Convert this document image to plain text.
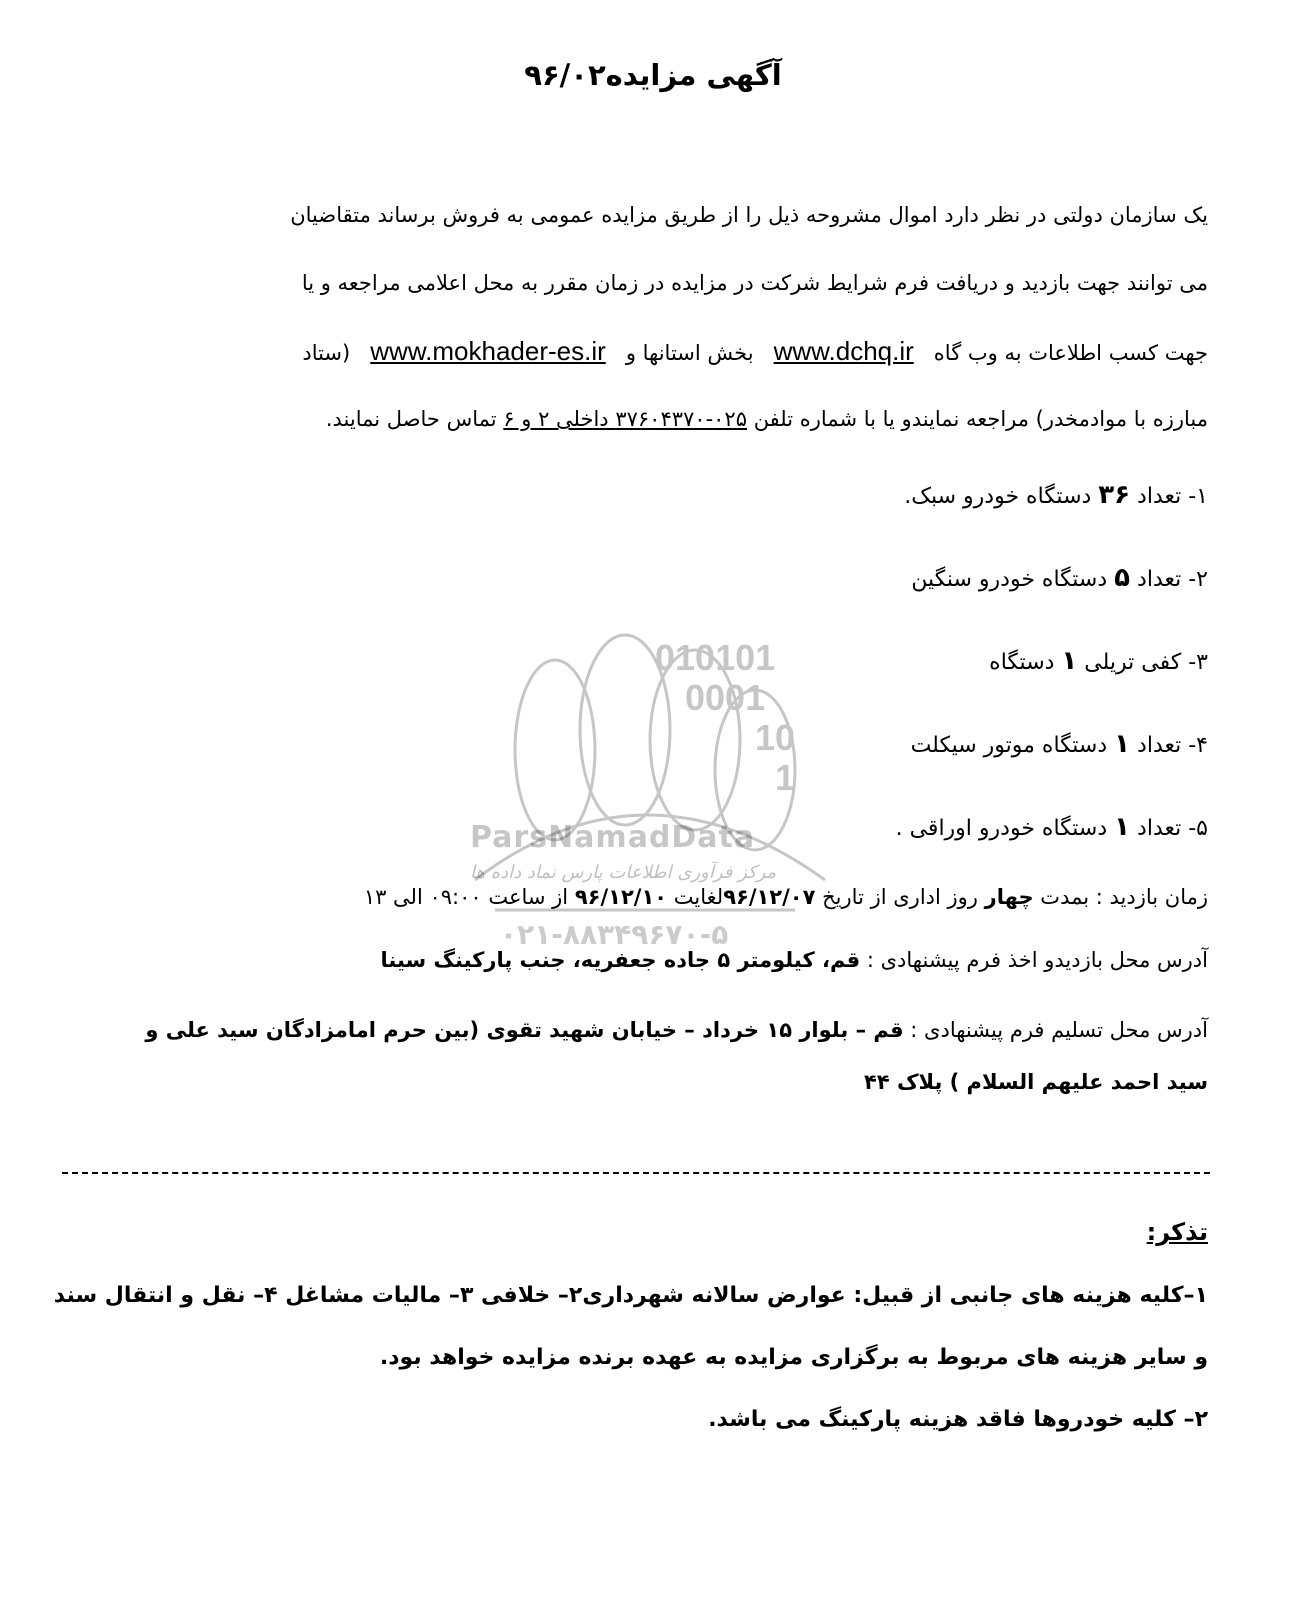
010101
0001
10
1
ParsNamadData
مرکز فرآوری اطلاعات پارس نماد داده ها
۰۲۱-۸۸۳۴۹۶۷۰-۵
آگهی مزایده۹۶/۰۲
یک سازمان دولتی در نظر دارد اموال مشروحه ذیل را از طریق مزایده عمومی به فروش برساند متقاضیان
می توانند جهت بازدید و دریافت فرم شرایط شرکت در مزایده در زمان مقرر به محل اعلامی مراجعه و یا
جهت کسب اطلاعات به وب گاه   www.dchq.ir   بخش استانها و   www.mokhader-es.ir   (ستاد
مبارزه با موادمخدر) مراجعه نمایندو یا با شماره تلفن ۰۲۵-۳۷۶۰۴۳۷۰ داخلی ۲ و ۶ تماس حاصل نمایند.
۱- تعداد ۳۶ دستگاه خودرو سبک.
۲- تعداد ۵ دستگاه خودرو سنگین
۳- کفی تریلی ۱ دستگاه
۴- تعداد ۱ دستگاه موتور سیکلت
۵- تعداد ۱ دستگاه خودرو اوراقی .
زمان بازدید : بمدت چهار روز اداری از تاریخ ۹۶/۱۲/۰۷لغایت ۹۶/۱۲/۱۰ از ساعت ۰۹:۰۰ الی ۱۳
آدرس محل بازدیدو اخذ فرم پیشنهادی : قم، کیلومتر ۵ جاده جعفریه، جنب پارکینگ سینا
آدرس محل تسلیم فرم پیشنهادی : قم – بلوار ۱۵ خرداد – خیابان شهید تقوی (بین حرم امامزادگان سید علی و
سید احمد علیهم السلام ) پلاک ۴۴
تذکر:
۱–کلیه هزینه های جانبی از قبیل: عوارض سالانه شهرداری۲– خلافی ۳– مالیات مشاغل ۴– نقل و انتقال سند
و سایر هزینه های مربوط به برگزاری مزایده به عهده برنده مزایده خواهد بود.
۲– کلیه خودروها فاقد هزینه پارکینگ می باشد.
